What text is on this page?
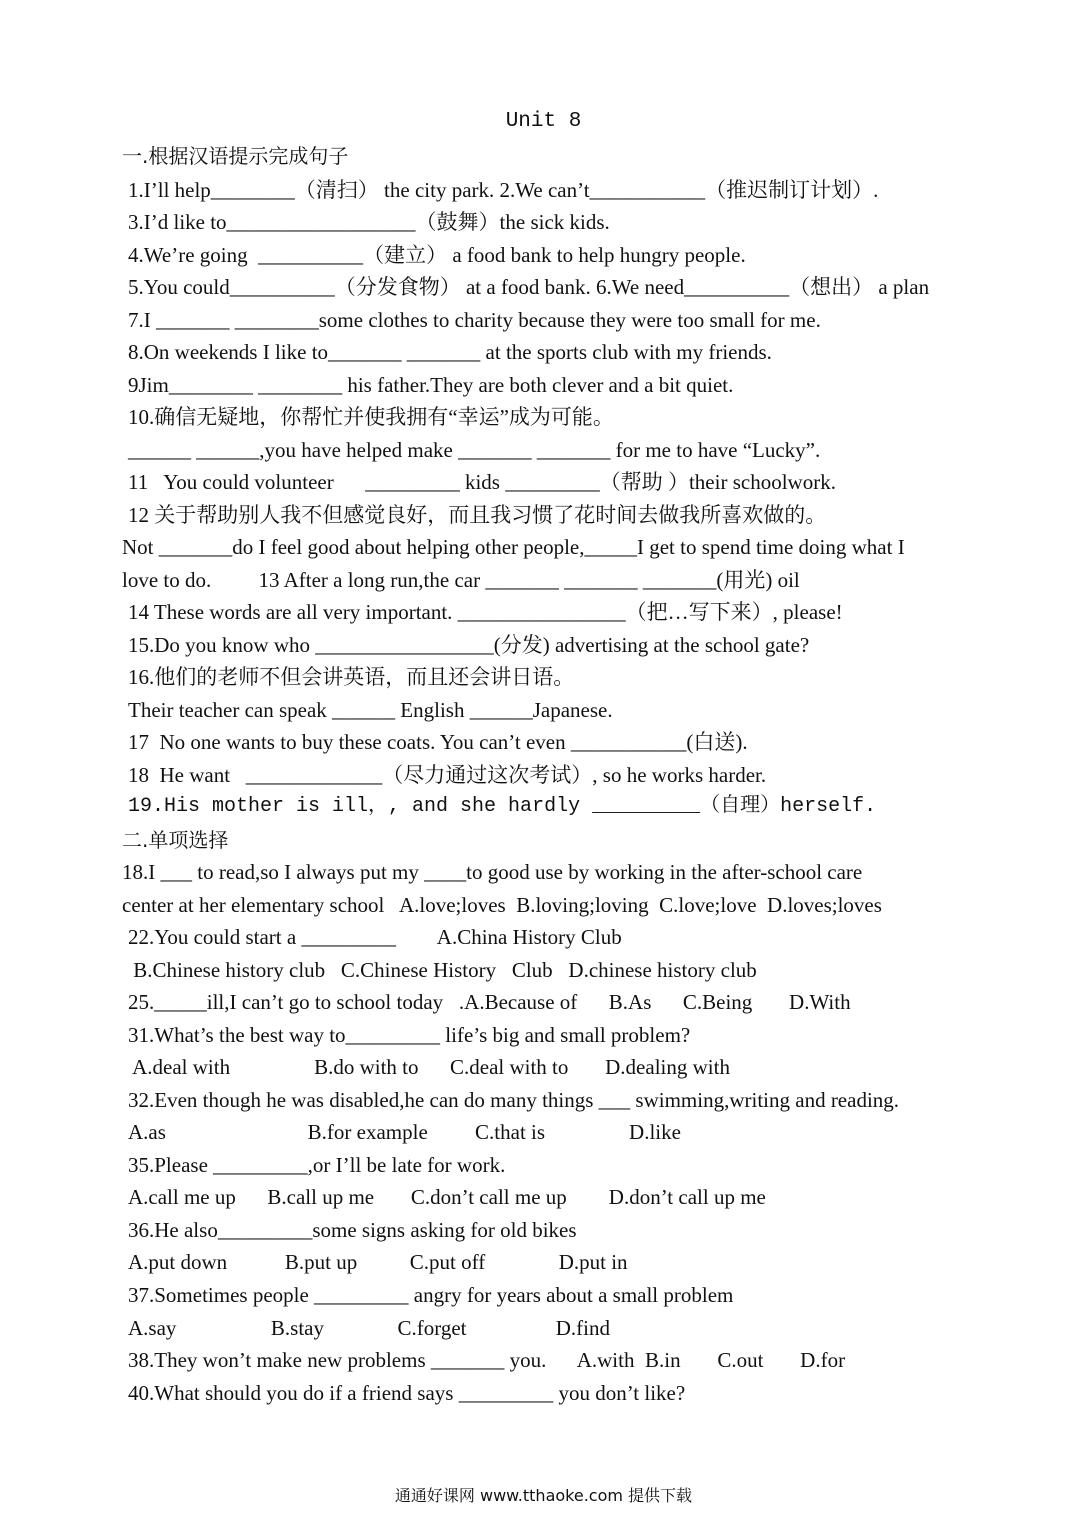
Unit 8
一.根据汉语提示完成句子
1.I’ll help________（清扫） the city park. 2.We can’t___________（推迟制订计划）.
3.I’d like to__________________（鼓舞）the sick kids.
4.We’re going  __________（建立） a food bank to help hungry people.
5.You could__________（分发食物） at a food bank. 6.We need__________（想出） a plan
7.I _______ ________some clothes to charity because they were too small for me.
8.On weekends I like to_______ _______ at the sports club with my friends.
9Jim________ ________ his father.They are both clever and a bit quiet.
10.确信无疑地，你帮忙并使我拥有“幸运”成为可能。
______ ______,you have helped make _______ _______ for me to have “Lucky”.
11   You could volunteer      _________ kids _________（帮助 ）their schoolwork.
12 关于帮助别人我不但感觉良好，而且我习惯了花时间去做我所喜欢做的。
Not _______do I feel good about helping other people,_____I get to spend time doing what I
love to do.         13 After a long run,the car _______ _______ _______(用光) oil
14 These words are all very important. ________________（把…写下来）, please!
15.Do you know who _________________(分发) advertising at the school gate?
16.他们的老师不但会讲英语，而且还会讲日语。
Their teacher can speak ______ English ______Japanese.
17  No one wants to buy these coats. You can’t even ___________(白送).
18  He want   _____________（尽力通过这次考试）, so he works harder.
19.His mother is ill，, and she hardly _________（自理）herself.
二.单项选择
18.I ___ to read,so I always put my ____to good use by working in the after-school care
center at her elementary school   A.love;loves  B.loving;loving  C.love;love  D.loves;loves
22.You could start a _________        A.China History Club
B.Chinese history club   C.Chinese History   Club   D.chinese history club
25._____ill,I can’t go to school today   .A.Because of      B.As      C.Being       D.With
31.What’s the best way to_________ life’s big and small problem?
A.deal with                B.do with to      C.deal with to       D.dealing with
32.Even though he was disabled,he can do many things ___ swimming,writing and reading.
A.as                           B.for example         C.that is                D.like
35.Please _________,or I’ll be late for work.
A.call me up      B.call up me       C.don’t call me up        D.don’t call up me
36.He also_________some signs asking for old bikes
A.put down           B.put up          C.put off              D.put in
37.Sometimes people _________ angry for years about a small problem
A.say                  B.stay              C.forget                 D.find
38.They won’t make new problems _______ you.      A.with  B.in       C.out       D.for
40.What should you do if a friend says _________ you don’t like?
通通好课网 www.tthaoke.com 提供下载
